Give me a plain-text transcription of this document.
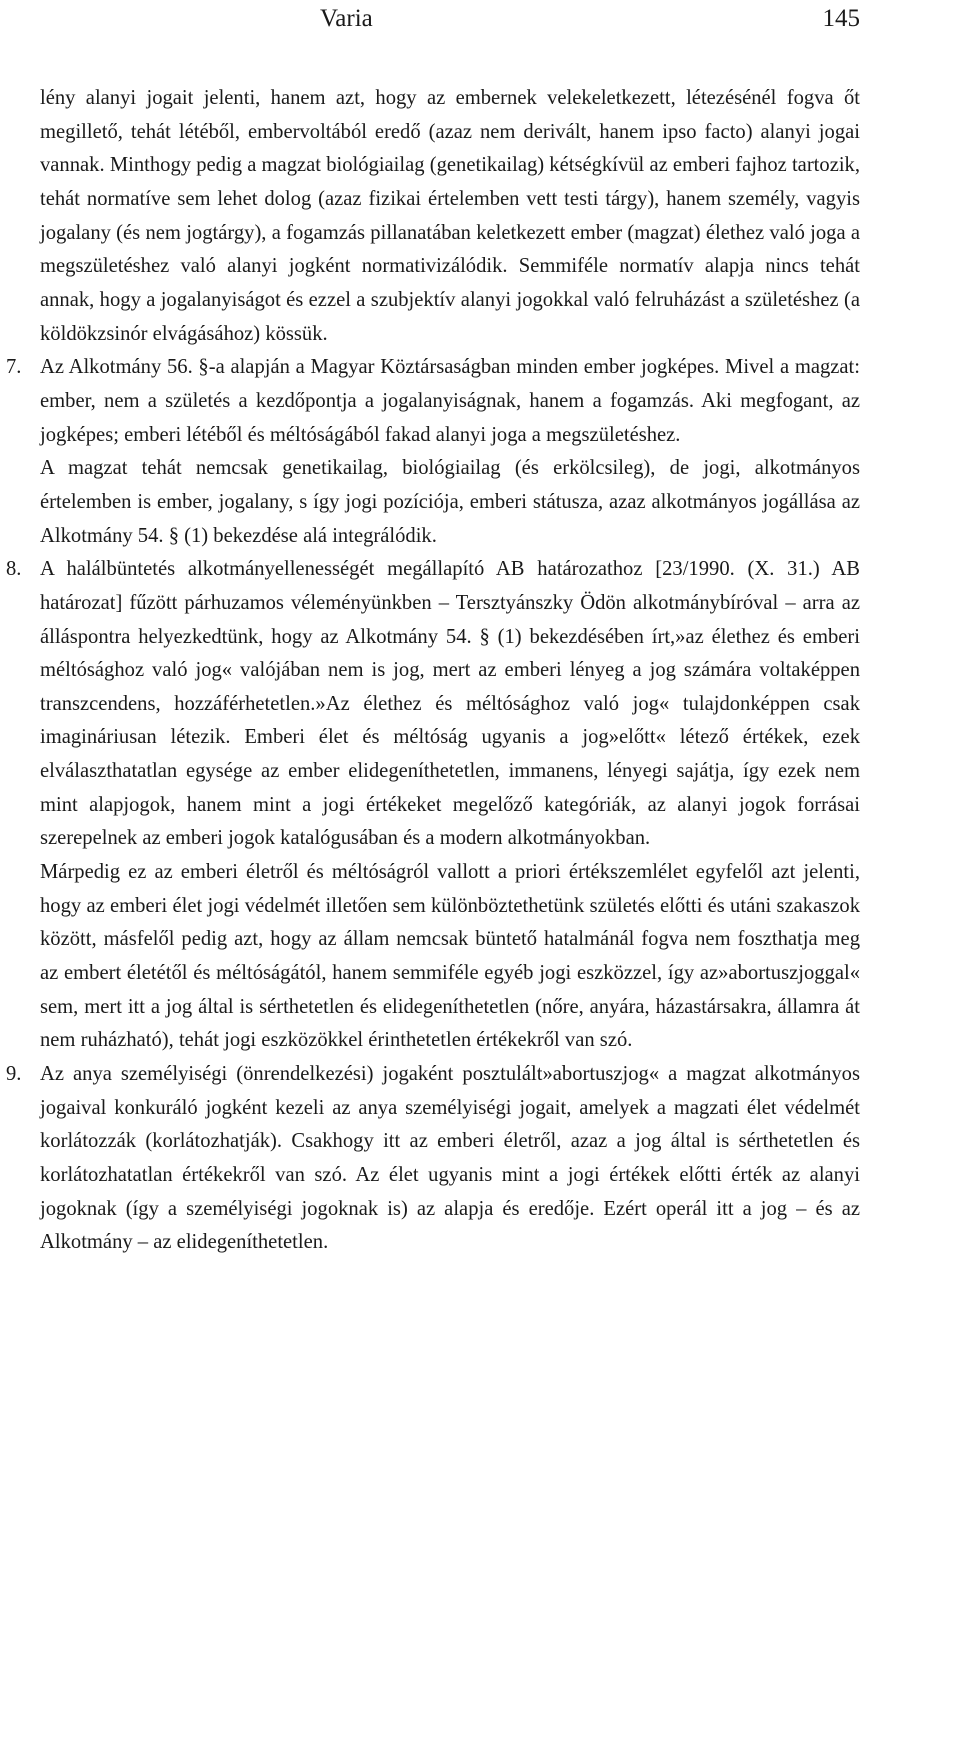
Varia	145

lény alanyi jogait jelenti, hanem azt, hogy az embernek velekeletkezett, létezésénél fogva őt megillető, tehát létéből, embervoltából eredő (azaz nem derivált, hanem ipso facto) alanyi jogai vannak. Minthogy pedig a magzat biológiailag (genetikailag) kétségkívül az emberi fajhoz tartozik, tehát normatíve sem lehet dolog (azaz fizikai értelemben vett testi tárgy), hanem személy, vagyis jogalany (és nem jogtárgy), a fogamzás pillanatában keletkezett ember (magzat) élethez való joga a megszületéshez való alanyi jogként normativizálódik. Semmiféle normatív alapja nincs tehát annak, hogy a jogalanyiságot és ezzel a szubjektív alanyi jogokkal való felruházást a születéshez (a köldökzsinór elvágásához) kössük.

7. Az Alkotmány 56. §-a alapján a Magyar Köztársaságban minden ember jogképes. Mivel a magzat: ember, nem a születés a kezdőpontja a jogalanyiságnak, hanem a fogamzás. Aki megfogant, az jogképes; emberi létéből és méltóságából fakad alanyi joga a megszületéshez.

A magzat tehát nemcsak genetikailag, biológiailag (és erkölcsileg), de jogi, alkotmányos értelemben is ember, jogalany, s így jogi pozíciója, emberi státusza, azaz alkotmányos jogállása az Alkotmány 54. § (1) bekezdése alá integrálódik.

8. A halálbüntetés alkotmányellenességét megállapító AB határozathoz [23/1990. (X. 31.) AB határozat] fűzött párhuzamos véleményünkben – Tersztyánszky Ödön alkotmánybíróval – arra az álláspontra helyezkedtünk, hogy az Alkotmány 54. § (1) bekezdésében írt,»az élethez és emberi méltósághoz való jog« valójában nem is jog, mert az emberi lényeg a jog számára voltaképpen transzcendens, hozzáférhetetlen.»Az élethez és méltósághoz való jog« tulajdonképpen csak imagináriusan létezik. Emberi élet és méltóság ugyanis a jog»előtt« létező értékek, ezek elválaszthatatlan egysége az ember elidegeníthetetlen, immanens, lényegi sajátja, így ezek nem mint alapjogok, hanem mint a jogi értékeket megelőző kategóriák, az alanyi jogok forrásai szerepelnek az emberi jogok katalógusában és a modern alkotmányokban.

Márpedig ez az emberi életről és méltóságról vallott a priori értékszemlélet egyfelől azt jelenti, hogy az emberi élet jogi védelmét illetően sem különböztethetünk születés előtti és utáni szakaszok között, másfelől pedig azt, hogy az állam nemcsak büntető hatalmánál fogva nem foszthatja meg az embert életétől és méltóságától, hanem semmiféle egyéb jogi eszközzel, így az»abortuszjoggal« sem, mert itt a jog által is sérthetetlen és elidegeníthetetlen (nőre, anyára, házastársakra, államra át nem ruházható), tehát jogi eszközökkel érinthetetlen értékekről van szó.

9. Az anya személyiségi (önrendelkezési) jogaként posztulált»abortuszjog« a magzat alkotmányos jogaival konkuráló jogként kezeli az anya személyiségi jogait, amelyek a magzati élet védelmét korlátozzák (korlátozhatják). Csakhogy itt az emberi életről, azaz a jog által is sérthetetlen és korlátozhatatlan értékekről van szó. Az élet ugyanis mint a jogi értékek előtti érték az alanyi jogoknak (így a személyiségi jogoknak is) az alapja és eredője. Ezért operál itt a jog – és az Alkotmány – az elidegeníthetetlen.
